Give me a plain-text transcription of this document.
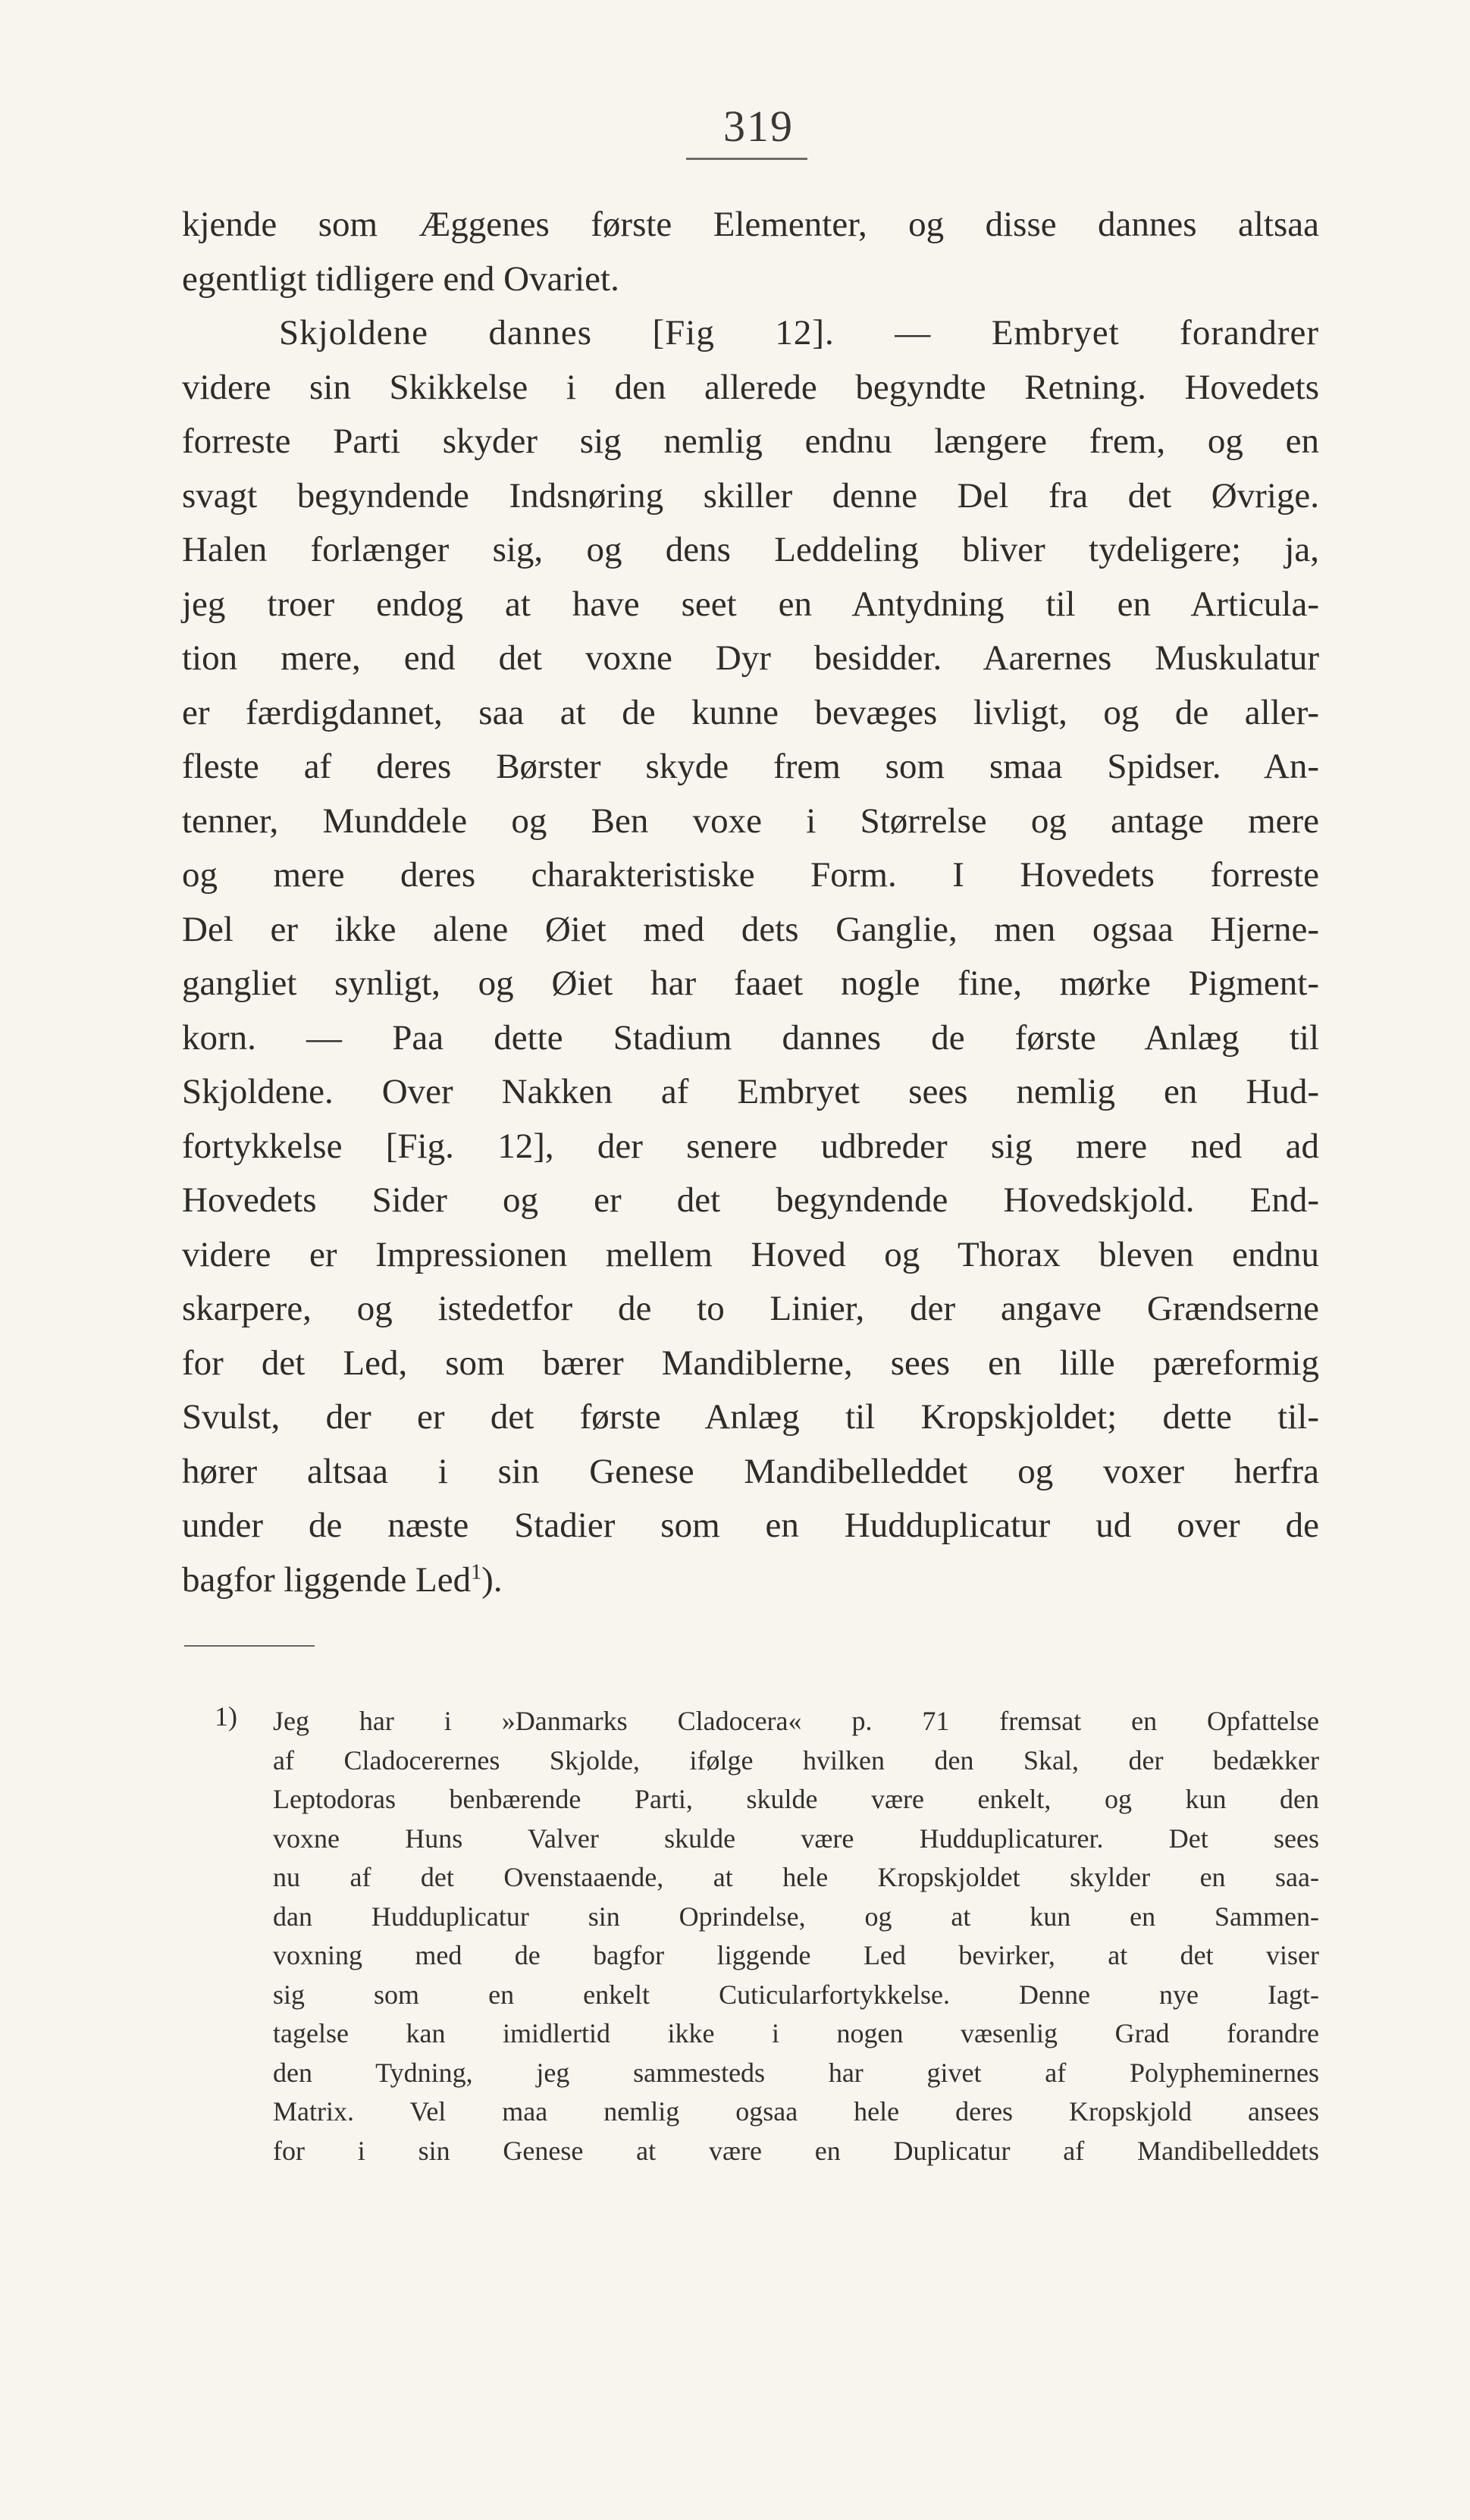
319
kjende som Æggenes første Elementer, og disse dannes altsaa
egentligt tidligere end Ovariet.
Skjoldene dannes [Fig 12]. — Embryet forandrer
videre sin Skikkelse i den allerede begyndte Retning. Hovedets
forreste Parti skyder sig nemlig endnu længere frem, og en
svagt begyndende Indsnøring skiller denne Del fra det Øvrige.
Halen forlænger sig, og dens Leddeling bliver tydeligere; ja,
jeg troer endog at have seet en Antydning til en Articula-
tion mere, end det voxne Dyr besidder. Aarernes Muskulatur
er færdigdannet, saa at de kunne bevæges livligt, og de aller-
fleste af deres Børster skyde frem som smaa Spidser. An-
tenner, Munddele og Ben voxe i Størrelse og antage mere
og mere deres charakteristiske Form. I Hovedets forreste
Del er ikke alene Øiet med dets Ganglie, men ogsaa Hjerne-
gangliet synligt, og Øiet har faaet nogle fine, mørke Pigment-
korn. — Paa dette Stadium dannes de første Anlæg til
Skjoldene. Over Nakken af Embryet sees nemlig en Hud-
fortykkelse [Fig. 12], der senere udbreder sig mere ned ad
Hovedets Sider og er det begyndende Hovedskjold. End-
videre er Impressionen mellem Hoved og Thorax bleven endnu
skarpere, og istedetfor de to Linier, der angave Grændserne
for det Led, som bærer Mandiblerne, sees en lille pæreformig
Svulst, der er det første Anlæg til Kropskjoldet; dette til-
hører altsaa i sin Genese Mandibelleddet og voxer herfra
under de næste Stadier som en Hudduplicatur ud over de
bagfor liggende Led$^1$).
1)	Jeg har i »Danmarks Cladocera« p. 71 fremsat en Opfattelse
af Cladocerernes Skjolde, ifølge hvilken den Skal, der bedækker
Leptodoras benbærende Parti, skulde være enkelt, og kun den
voxne Huns Valver skulde være Hudduplicaturer. Det sees
nu af det Ovenstaaende, at hele Kropskjoldet skylder en saa-
dan Hudduplicatur sin Oprindelse, og at kun en Sammen-
voxning med de bagfor liggende Led bevirker, at det viser
sig som en enkelt Cuticularfortykkelse. Denne nye Iagt-
tagelse kan imidlertid ikke i nogen væsenlig Grad forandre
den Tydning, jeg sammesteds har givet af Polypheminernes
Matrix. Vel maa nemlig ogsaa hele deres Kropskjold ansees
for i sin Genese at være en Duplicatur af Mandibelleddets
